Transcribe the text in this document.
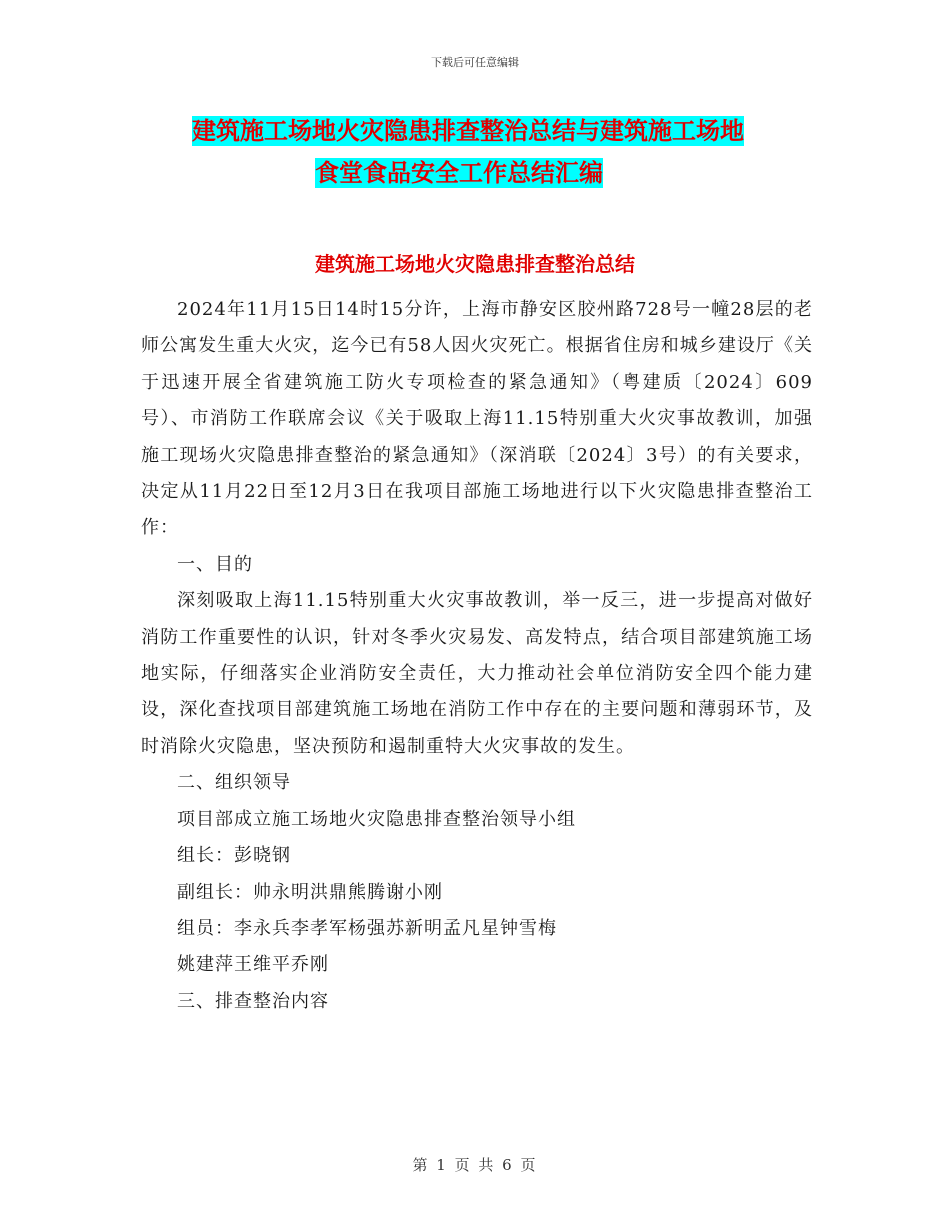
下载后可任意编辑
建筑施工场地火灾隐患排查整治总结与建筑施工场地
食堂食品安全工作总结汇编
建筑施工场地火灾隐患排查整治总结

2024年11月15日14时15分许，上海市静安区胶州路728号一幢28层的老师公寓发生重大火灾，迄今已有58人因火灾死亡。根据省住房和城乡建设厅《关于迅速开展全省建筑施工防火专项检查的紧急通知》（粤建质〔2024〕609号）、市消防工作联席会议《关于吸取上海11.15特别重大火灾事故教训，加强施工现场火灾隐患排查整治的紧急通知》（深消联〔2024〕3号）的有关要求，决定从11月22日至12月3日在我项目部施工场地进行以下火灾隐患排查整治工作：

一、目的

深刻吸取上海11.15特别重大火灾事故教训，举一反三，进一步提高对做好消防工作重要性的认识，针对冬季火灾易发、高发特点，结合项目部建筑施工场地实际，仔细落实企业消防安全责任，大力推动社会单位消防安全四个能力建设，深化查找项目部建筑施工场地在消防工作中存在的主要问题和薄弱环节，及时消除火灾隐患，坚决预防和遏制重特大火灾事故的发生。

二、组织领导

项目部成立施工场地火灾隐患排查整治领导小组

组长：彭晓钢

副组长：帅永明洪鼎熊腾谢小刚

组员：李永兵李孝军杨强苏新明孟凡星钟雪梅

姚建萍王维平乔刚

三、排查整治内容

第 1 页 共 6 页
